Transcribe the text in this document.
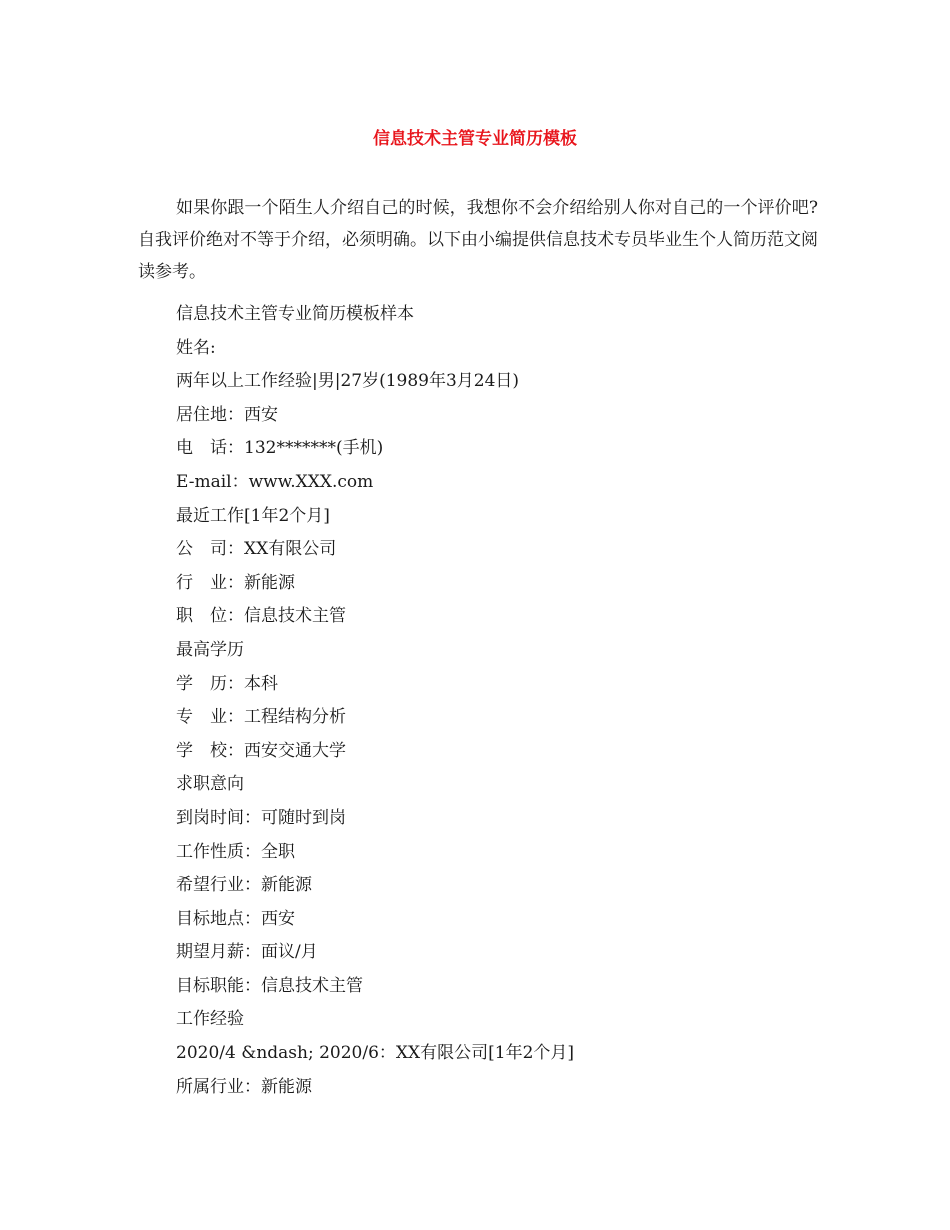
信息技术主管专业简历模板

如果你跟一个陌生人介绍自己的时候，我想你不会介绍给别人你对自己的一个评价吧?自我评价绝对不等于介绍，必须明确。以下由小编提供信息技术专员毕业生个人简历范文阅读参考。

信息技术主管专业简历模板样本
姓名:
两年以上工作经验|男|27岁(1989年3月24日)
居住地：西安
电　话：132*******(手机)
E-mail：www.XXX.com
最近工作[1年2个月]
公　司：XX有限公司
行　业：新能源
职　位：信息技术主管
最高学历
学　历：本科
专　业：工程结构分析
学　校：西安交通大学
求职意向
到岗时间：可随时到岗
工作性质：全职
希望行业：新能源
目标地点：西安
期望月薪：面议/月
目标职能：信息技术主管
工作经验
2020/4 &ndash; 2020/6：XX有限公司[1年2个月]
所属行业：新能源
